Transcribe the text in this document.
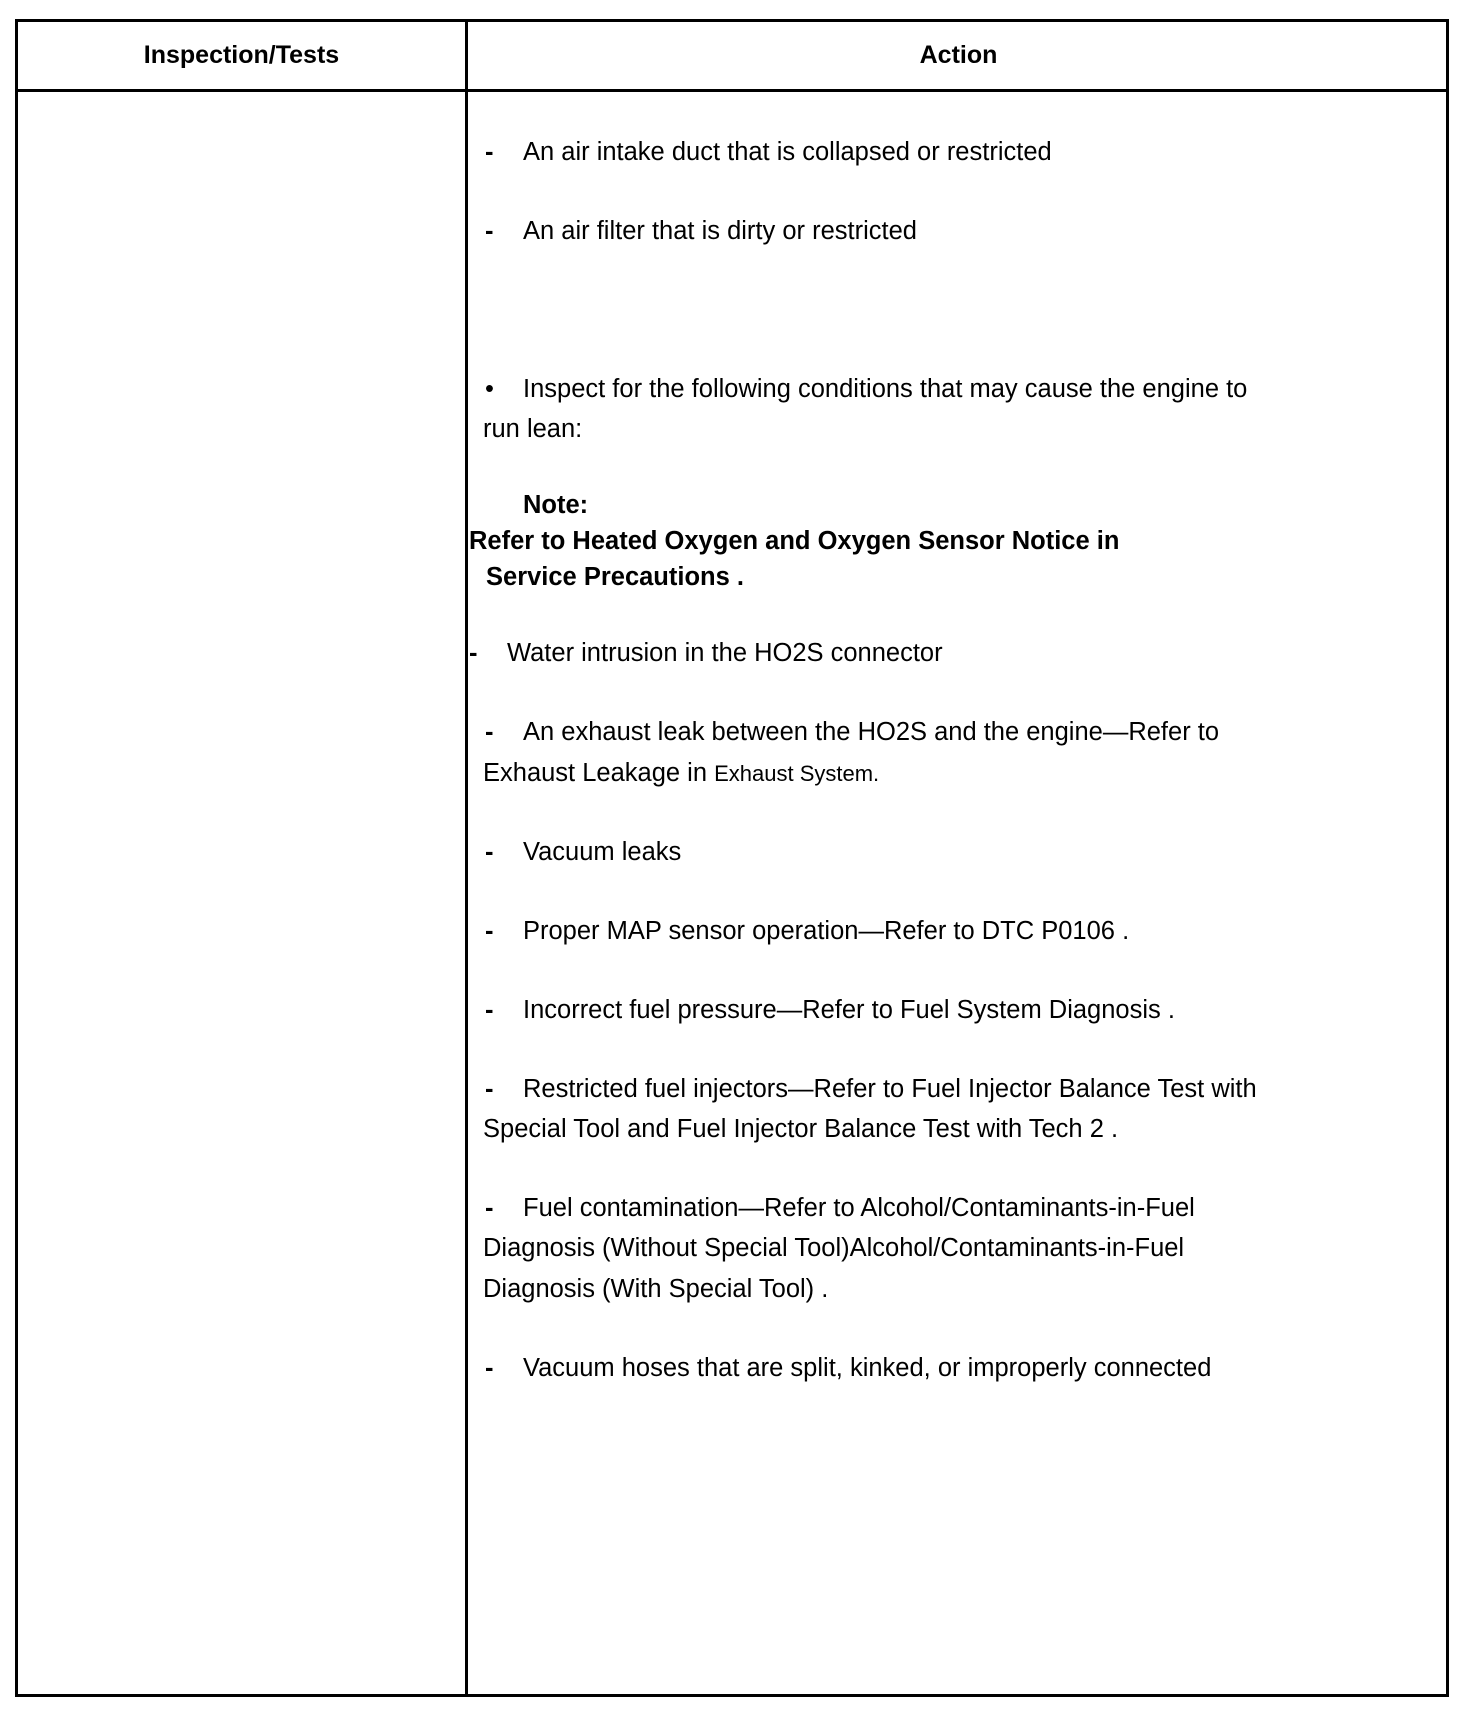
Inspection/Tests	Action
- An air intake duct that is collapsed or restricted
- An air filter that is dirty or restricted
• Inspect for the following conditions that may cause the engine to
run lean:
Note:
Refer to Heated Oxygen and Oxygen Sensor Notice in
Service Precautions .
- Water intrusion in the HO2S connector
- An exhaust leak between the HO2S and the engine—Refer to
Exhaust Leakage in Exhaust System.
- Vacuum leaks
- Proper MAP sensor operation—Refer to DTC P0106 .
- Incorrect fuel pressure—Refer to Fuel System Diagnosis .
- Restricted fuel injectors—Refer to Fuel Injector Balance Test with
Special Tool and Fuel Injector Balance Test with Tech 2 .
- Fuel contamination—Refer to Alcohol/Contaminants-in-Fuel
Diagnosis (Without Special Tool)Alcohol/Contaminants-in-Fuel
Diagnosis (With Special Tool) .
- Vacuum hoses that are split, kinked, or improperly connected
